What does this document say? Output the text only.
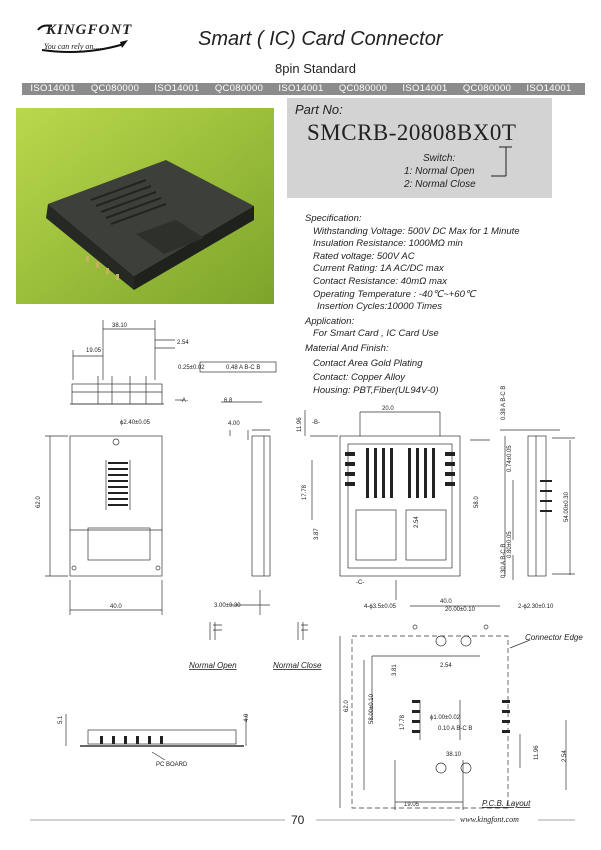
KINGFONT
You can rely on......	Smart ( IC) Card Connector
8pin Standard
ISO14001 QC080000 ISO14001 QC080000 ISO14001 QC080000 ISO14001 QC080000 ISO14001
Part No:
SMCRB-20808BX0T
Switch:
1: Normal Open
2: Normal Close
Specification:
Withstanding Voltage: 500V DC Max for 1 Minute
Insulation Resistance: 1000MΩ min
Rated voltage: 500V AC
Current Rating: 1A AC/DC max
Contact Resistance: 40mΩ max
Operating Temperature : -40℃~+60℃
Insertion Cycles:10000 Times
Application:
For Smart Card , IC Card Use
Material And Finish:
Contact Area Gold Plating
Contact: Copper Alloy
Housing: PBT,Fiber(UL94V-0)
38.10
19.05
2.54
0.25±0.02	0.48 A B-C B
-A-
ϕ2.40±0.05
62.0
40.0
6.8
4.00
3.00±0.30
11.96 -B-
20.0
17.78
3.87
2.54
-C-
58.0
0.38 A B-C B
0.74±0.05
54.00±0.30
0.80±0.05
0.30 A B-C B
5.1	4.0
40.0
4-ϕ3.5±0.05	20.00±0.10	2-ϕ2.30±0.10
3.81	2.54
62.0	58.00±0.10	17.78	ϕ1.00±0.02
0.10 A B-C B
38.10	11.96	2.54
19.05
Normal Open	Normal Close
Connector Edge
P.C.B. Layout
PC BOARD
70	www.kingfont.com
